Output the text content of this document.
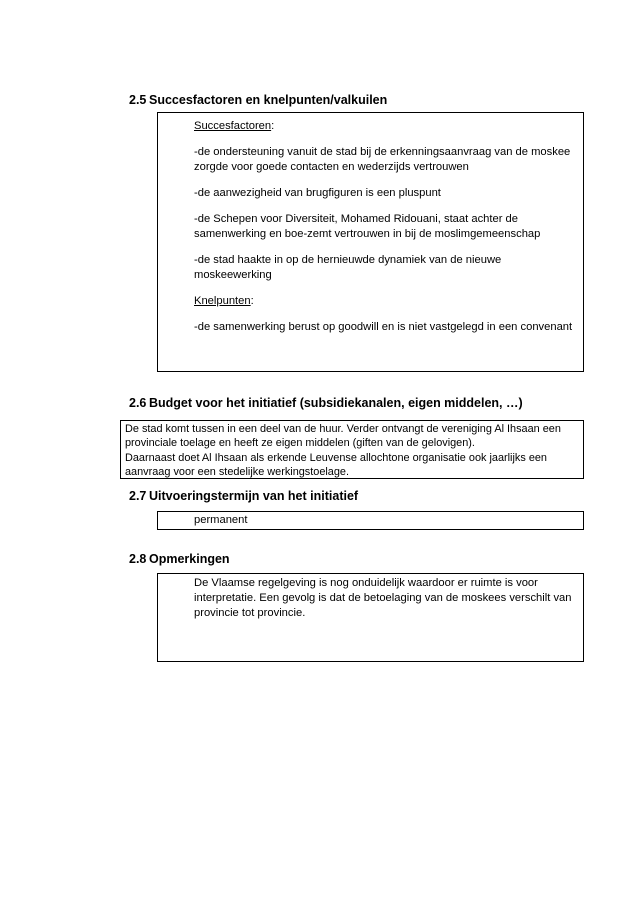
2.5 Succesfactoren en knelpunten/valkuilen

Succesfactoren:

-de ondersteuning vanuit de stad bij de erkenningsaanvraag van de moskee zorgde voor goede contacten en wederzijds vertrouwen

-de aanwezigheid van brugfiguren is een pluspunt

-de Schepen voor Diversiteit, Mohamed Ridouani, staat achter de samenwerking en boe-zemt vertrouwen in bij de moslimgemeenschap

-de stad haakte in op de hernieuwde dynamiek van de nieuwe moskeewerking

Knelpunten:

-de samenwerking berust op goodwill en is niet vastgelegd in een convenant

2.6 Budget voor het initiatief (subsidiekanalen, eigen middelen, …)

De stad komt tussen in een deel van de huur. Verder ontvangt de vereniging Al Ihsaan een provinciale toelage en heeft ze eigen middelen (giften van de gelovigen).

Daarnaast doet Al Ihsaan als erkende Leuvense allochtone organisatie ook jaarlijks een aanvraag voor een stedelijke werkingstoelage.

2.7 Uitvoeringstermijn van het initiatief

permanent

2.8 Opmerkingen

De Vlaamse regelgeving is nog onduidelijk waardoor er ruimte is voor interpretatie. Een gevolg is dat de betoelaging van de moskees verschilt van provincie tot provincie.
